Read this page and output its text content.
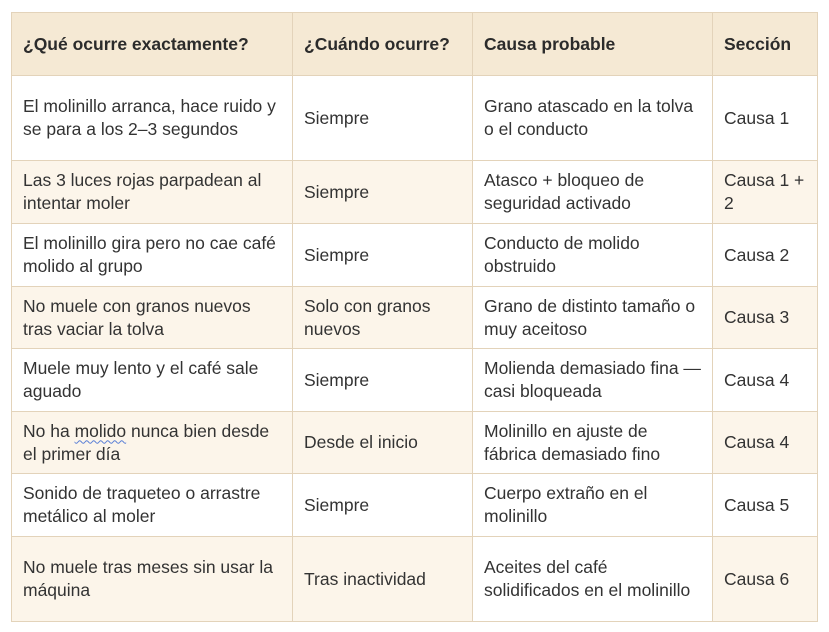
¿Qué ocurre exactamente?	¿Cuándo ocurre?	Causa probable	Sección
El molinillo arranca, hace ruido y se para a los 2–3 segundos	Siempre	Grano atascado en la tolva o el conducto	Causa 1
Las 3 luces rojas parpadean al intentar moler	Siempre	Atasco + bloqueo de seguridad activado	Causa 1 + 2
El molinillo gira pero no cae café molido al grupo	Siempre	Conducto de molido obstruido	Causa 2
No muele con granos nuevos tras vaciar la tolva	Solo con granos nuevos	Grano de distinto tamaño o muy aceitoso	Causa 3
Muele muy lento y el café sale aguado	Siempre	Molienda demasiado fina — casi bloqueada	Causa 4
No ha molido nunca bien desde el primer día	Desde el inicio	Molinillo en ajuste de fábrica demasiado fino	Causa 4
Sonido de traqueteo o arrastre metálico al moler	Siempre	Cuerpo extraño en el molinillo	Causa 5
No muele tras meses sin usar la máquina	Tras inactividad	Aceites del café solidificados en el molinillo	Causa 6
